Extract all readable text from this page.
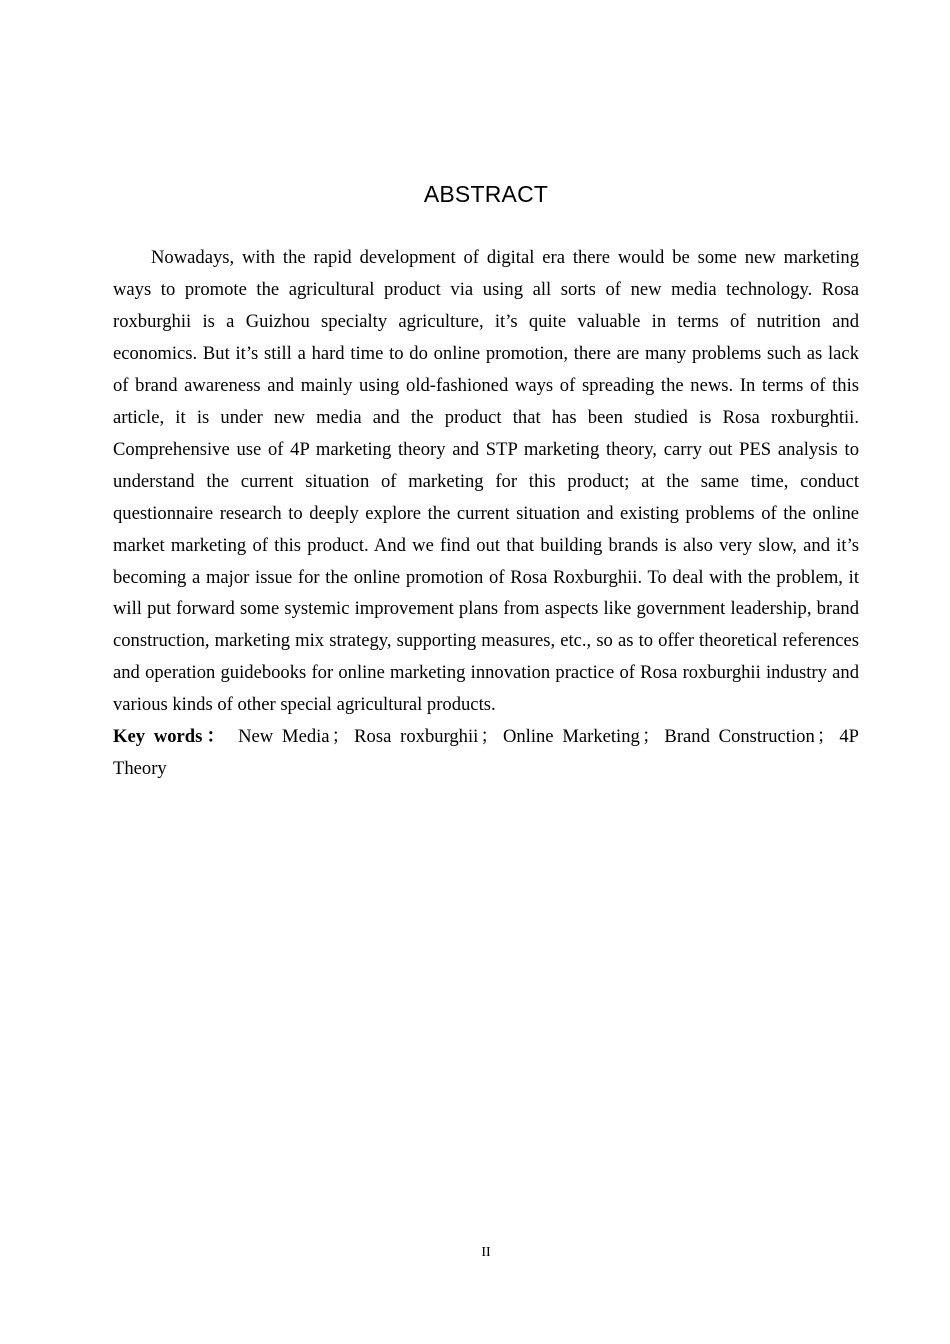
ABSTRACT

Nowadays, with the rapid development of digital era there would be some new marketing ways to promote the agricultural product via using all sorts of new media technology. Rosa roxburghii is a Guizhou specialty agriculture, it’s quite valuable in terms of nutrition and economics. But it’s still a hard time to do online promotion, there are many problems such as lack of brand awareness and mainly using old-fashioned ways of spreading the news. In terms of this article, it is under new media and the product that has been studied is Rosa roxburghtii. Comprehensive use of 4P marketing theory and STP marketing theory, carry out PES analysis to understand the current situation of marketing for this product; at the same time, conduct questionnaire research to deeply explore the current situation and existing problems of the online market marketing of this product. And we find out that building brands is also very slow, and it’s becoming a major issue for the online promotion of Rosa Roxburghii. To deal with the problem, it will put forward some systemic improvement plans from aspects like government leadership, brand construction, marketing mix strategy, supporting measures, etc., so as to offer theoretical references and operation guidebooks for online marketing innovation practice of Rosa roxburghii industry and various kinds of other special agricultural products.

Key words： New Media ； Rosa roxburghii ； Online Marketing ； Brand Construction ； 4P Theory

II
